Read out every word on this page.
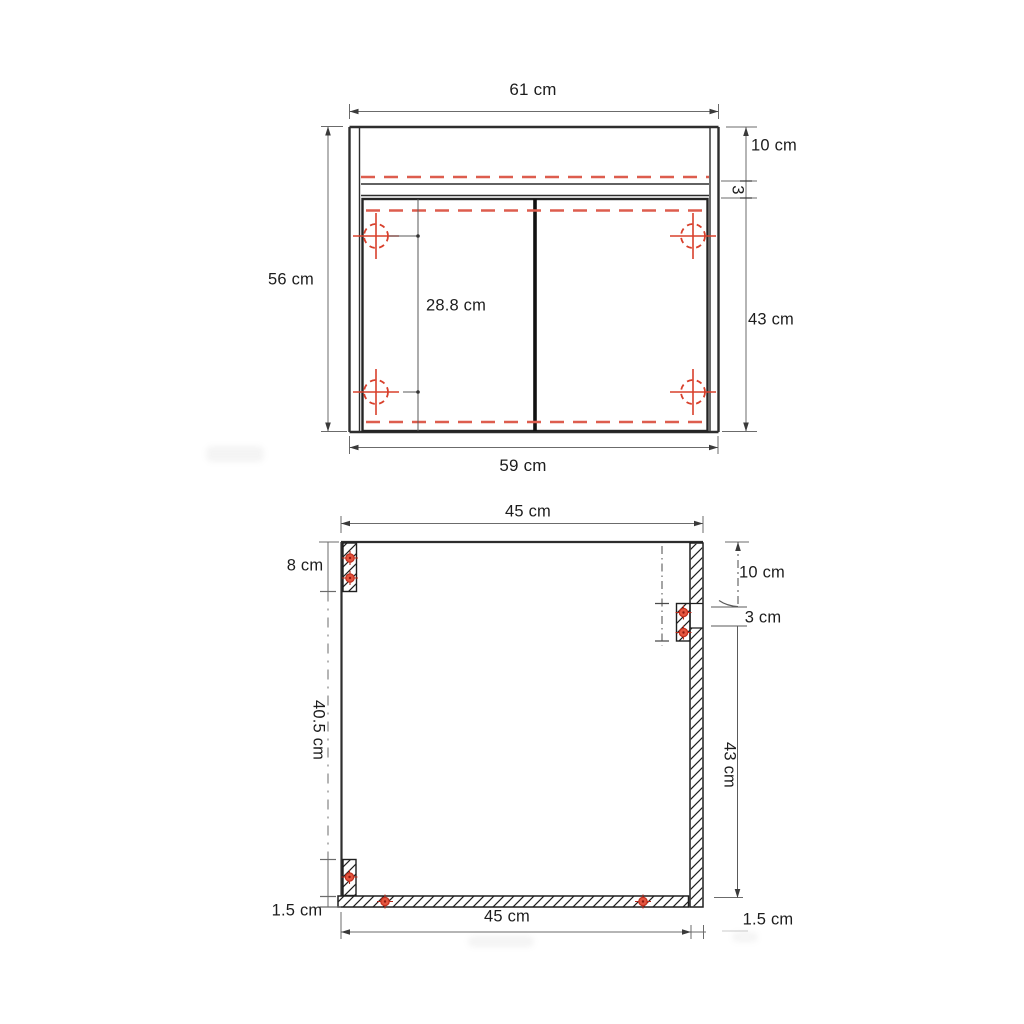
61 cm
56 cm
10 cm
3
43 cm
28.8 cm
59 cm
45 cm
8 cm
40.5 cm
1.5 cm
10 cm
3 cm
43 cm
45 cm	1.5 cm
